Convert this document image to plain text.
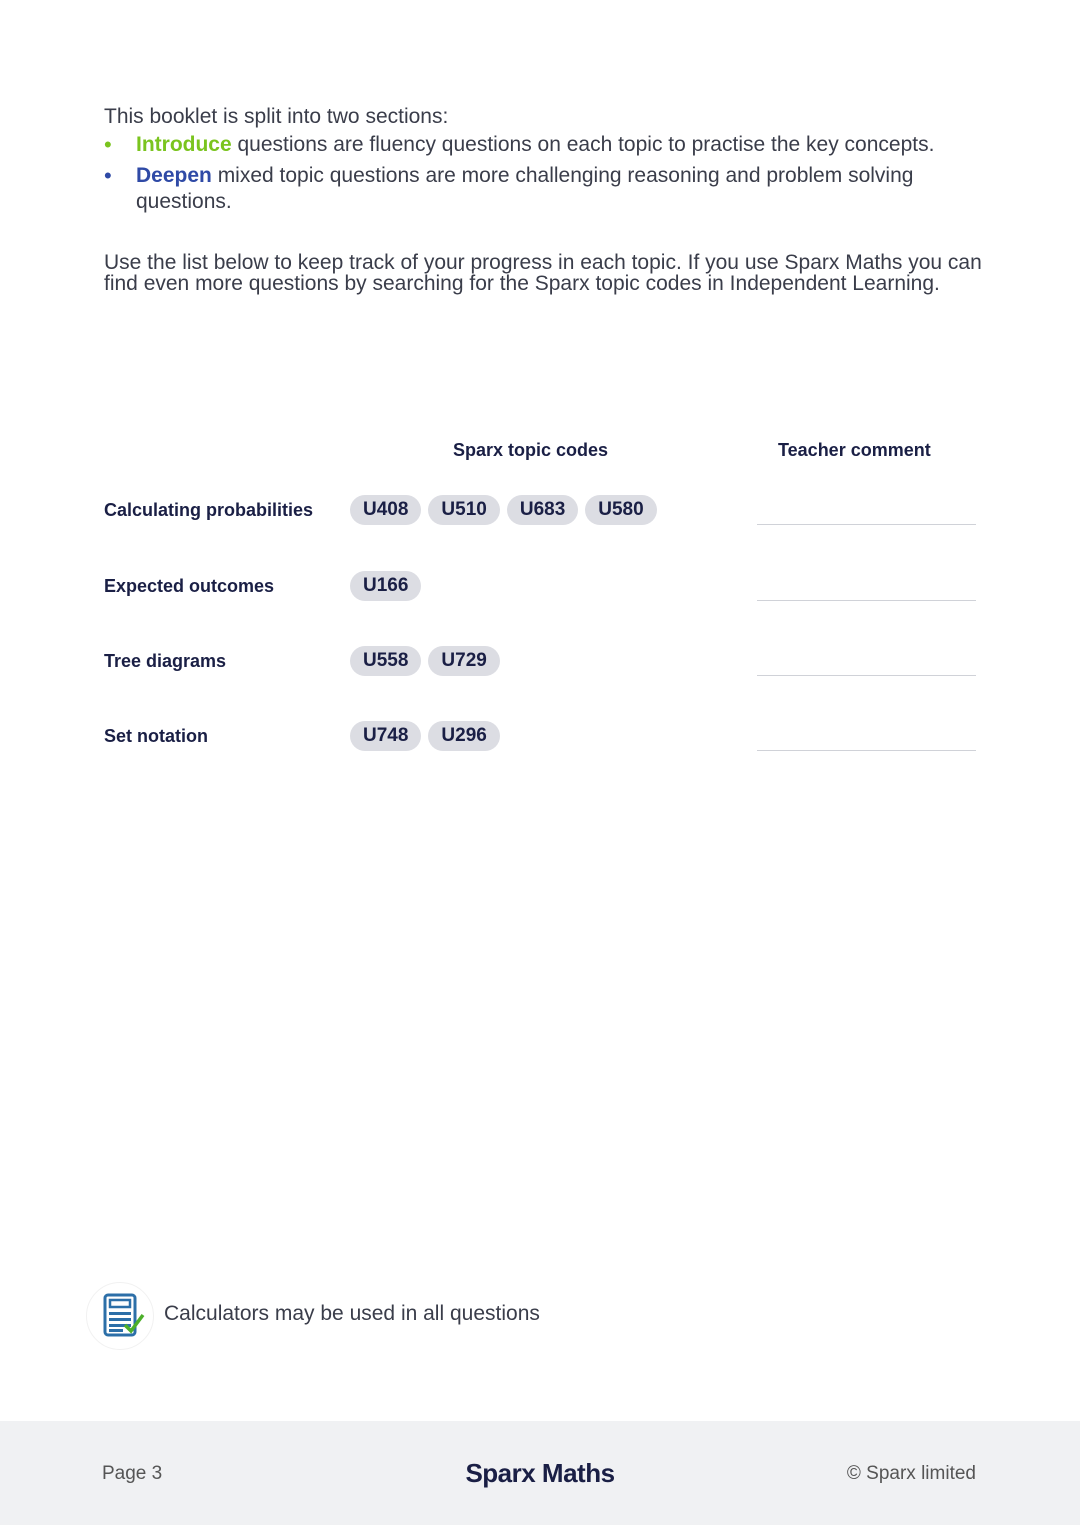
This booklet is split into two sections:
• Introduce questions are fluency questions on each topic to practise the key concepts.
• Deepen mixed topic questions are more challenging reasoning and problem solving questions.
Use the list below to keep track of your progress in each topic. If you use Sparx Maths you can find even more questions by searching for the Sparx topic codes in Independent Learning.
Sparx topic codes	Teacher comment
Calculating probabilities	U408	U510	U683	U580
Expected outcomes	U166
Tree diagrams	U558	U729
Set notation	U748	U296
Calculators may be used in all questions
Page 3	Sparx Maths	© Sparx limited
